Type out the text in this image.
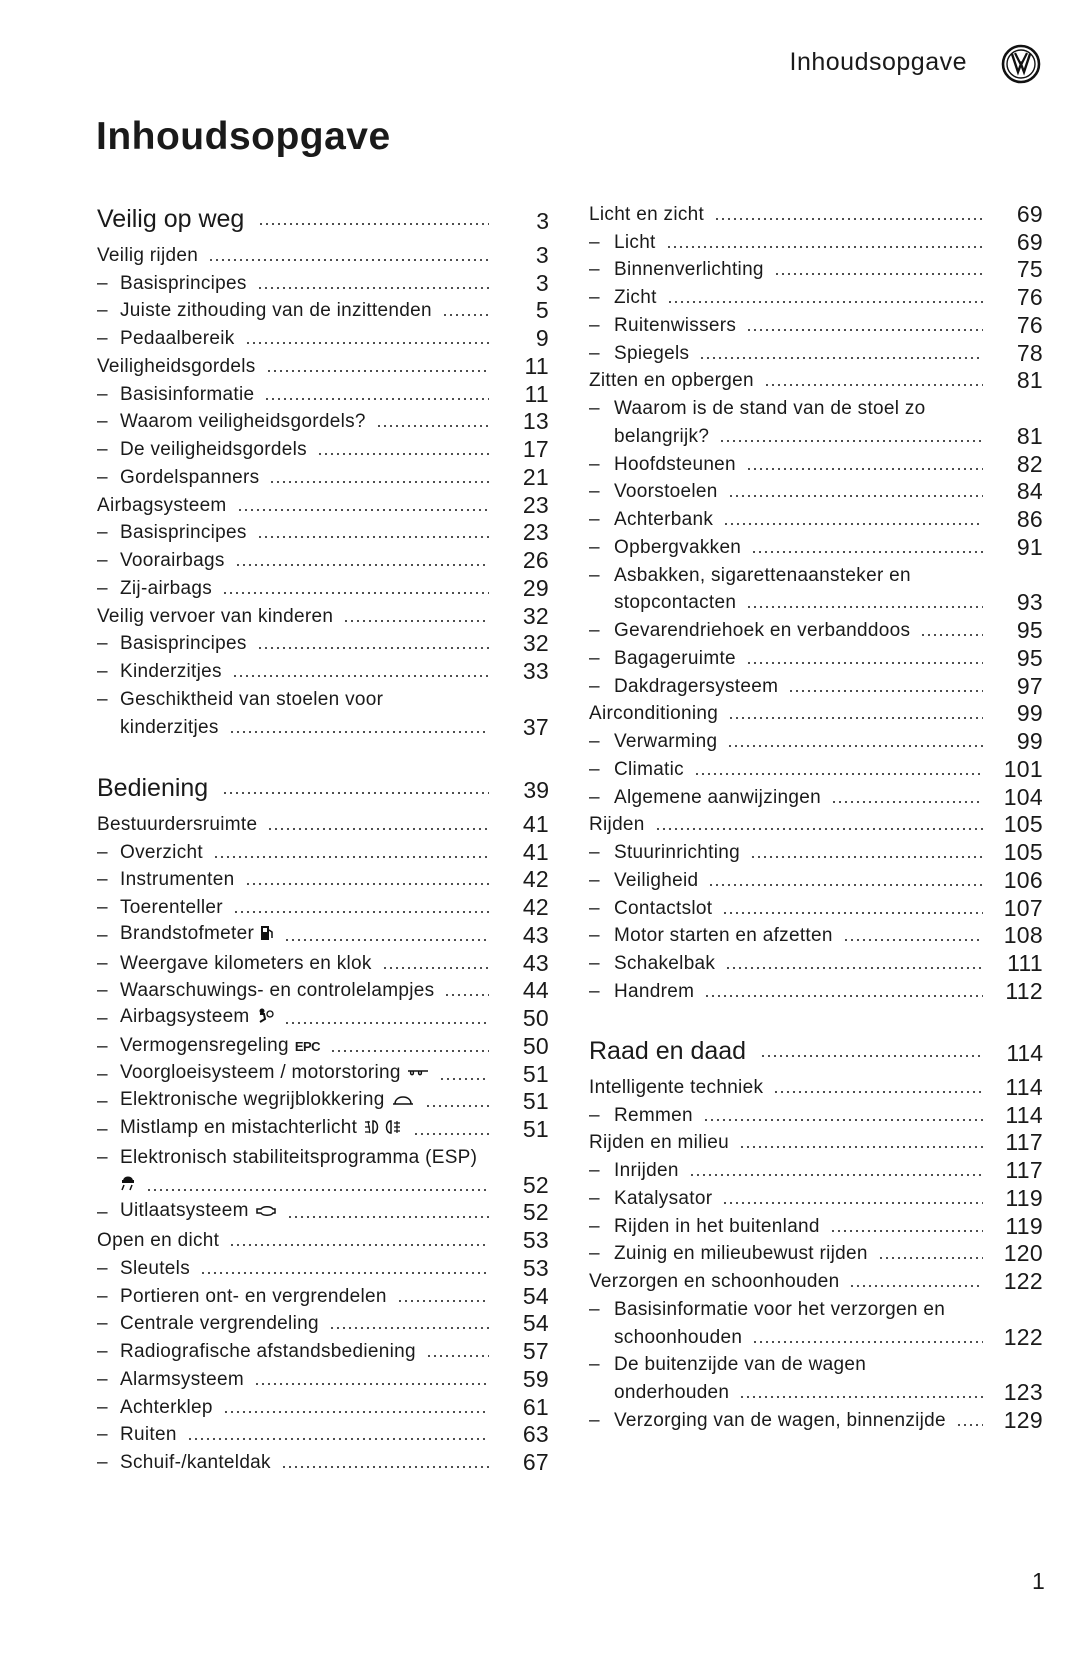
Inhoudsopgave
Inhoudsopgave
Veilig op weg	3
Veilig rijden	3
– Basisprincipes	3
– Juiste zithouding van de inzittenden	5
– Pedaalbereik	9
Veiligheidsgordels	11
– Basisinformatie	11
– Waarom veiligheidsgordels?	13
– De veiligheidsgordels	17
– Gordelspanners	21
Airbagsysteem	23
– Basisprincipes	23
– Voorairbags	26
– Zij-airbags	29
Veilig vervoer van kinderen	32
– Basisprincipes	32
– Kinderzitjes	33
– Geschiktheid van stoelen voor
kinderzitjes	37
Bediening	39
Bestuurdersruimte	41
– Overzicht	41
– Instrumenten	42
– Toerenteller	42
– Brandstofmeter	43
– Weergave kilometers en klok	43
– Waarschuwings- en controlelampjes	44
– Airbagsysteem	50
– Vermogensregeling EPC	50
– Voorgloeisysteem / motorstoring	51
– Elektronische wegrijblokkering	51
– Mistlamp en mistachterlicht	51
– Elektronisch stabiliteitsprogramma (ESP)
52
– Uitlaatsysteem	52
Open en dicht	53
– Sleutels	53
– Portieren ont- en vergrendelen	54
– Centrale vergrendeling	54
– Radiografische afstandsbediening	57
– Alarmsysteem	59
– Achterklep	61
– Ruiten	63
– Schuif-/kanteldak	67
Licht en zicht	69
– Licht	69
– Binnenverlichting	75
– Zicht	76
– Ruitenwissers	76
– Spiegels	78
Zitten en opbergen	81
– Waarom is de stand van de stoel zo
belangrijk?	81
– Hoofdsteunen	82
– Voorstoelen	84
– Achterbank	86
– Opbergvakken	91
– Asbakken, sigarettenaansteker en
stopcontacten	93
– Gevarendriehoek en verbanddoos	95
– Bagageruimte	95
– Dakdragersysteem	97
Airconditioning	99
– Verwarming	99
– Climatic	101
– Algemene aanwijzingen	104
Rijden	105
– Stuurinrichting	105
– Veiligheid	106
– Contactslot	107
– Motor starten en afzetten	108
– Schakelbak	111
– Handrem	112
Raad en daad	114
Intelligente techniek	114
– Remmen	114
Rijden en milieu	117
– Inrijden	117
– Katalysator	119
– Rijden in het buitenland	119
– Zuinig en milieubewust rijden	120
Verzorgen en schoonhouden	122
– Basisinformatie voor het verzorgen en
schoonhouden	122
– De buitenzijde van de wagen
onderhouden	123
– Verzorging van de wagen, binnenzijde	129
1
